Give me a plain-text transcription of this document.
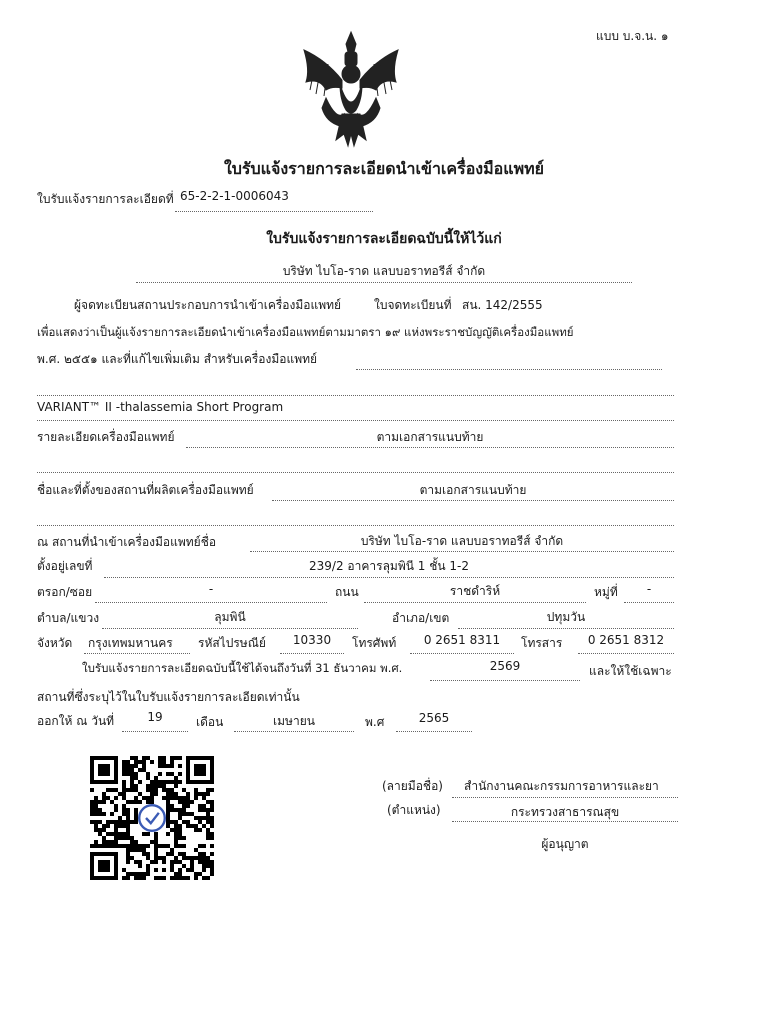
แบบ บ.จ.น. ๑
ใบรับแจ้งรายการละเอียดนำเข้าเครื่องมือแพทย์
ใบรับแจ้งรายการละเอียดที่ 65-2-2-1-0006043
ใบรับแจ้งรายการละเอียดฉบับนี้ให้ไว้แก่
บริษัท ไบโอ-ราด แลบบอราทอรีส์ จำกัด
ผู้จดทะเบียนสถานประกอบการนำเข้าเครื่องมือแพทย์	ใบจดทะเบียนที่ สน. 142/2555
เพื่อแสดงว่าเป็นผู้แจ้งรายการละเอียดนำเข้าเครื่องมือแพทย์ตามมาตรา ๑๙ แห่งพระราชบัญญัติเครื่องมือแพทย์
พ.ศ. ๒๕๕๑ และที่แก้ไขเพิ่มเติม สำหรับเครื่องมือแพทย์
VARIANT™ II -thalassemia Short Program
รายละเอียดเครื่องมือแพทย์	ตามเอกสารแนบท้าย
ชื่อและที่ตั้งของสถานที่ผลิตเครื่องมือแพทย์	ตามเอกสารแนบท้าย
ณ สถานที่นำเข้าเครื่องมือแพทย์ชื่อ	บริษัท ไบโอ-ราด แลบบอราทอรีส์ จำกัด
ตั้งอยู่เลขที่	239/2 อาคารลุมพินี 1 ชั้น 1-2
ตรอก/ซอย	-	ถนน	ราชดำริห์	หมู่ที่	-
ตำบล/แขวง	ลุมพินี	อำเภอ/เขต	ปทุมวัน
จังหวัด กรุงเทพมหานคร รหัสไปรษณีย์	10330	โทรศัพท์	0 2651 8311	โทรสาร	0 2651 8312
ใบรับแจ้งรายการละเอียดฉบับนี้ใช้ได้จนถึงวันที่ 31 ธันวาคม พ.ศ.	2569	และให้ใช้เฉพาะ
สถานที่ซึ่งระบุไว้ในใบรับแจ้งรายการละเอียดเท่านั้น
ออกให้ ณ วันที่	19	เดือน	เมษายน	พ.ศ	2565
(ลายมือชื่อ) สำนักงานคณะกรรมการอาหารและยา
(ตำแหน่ง)	กระทรวงสาธารณสุข
ผู้อนุญาต
